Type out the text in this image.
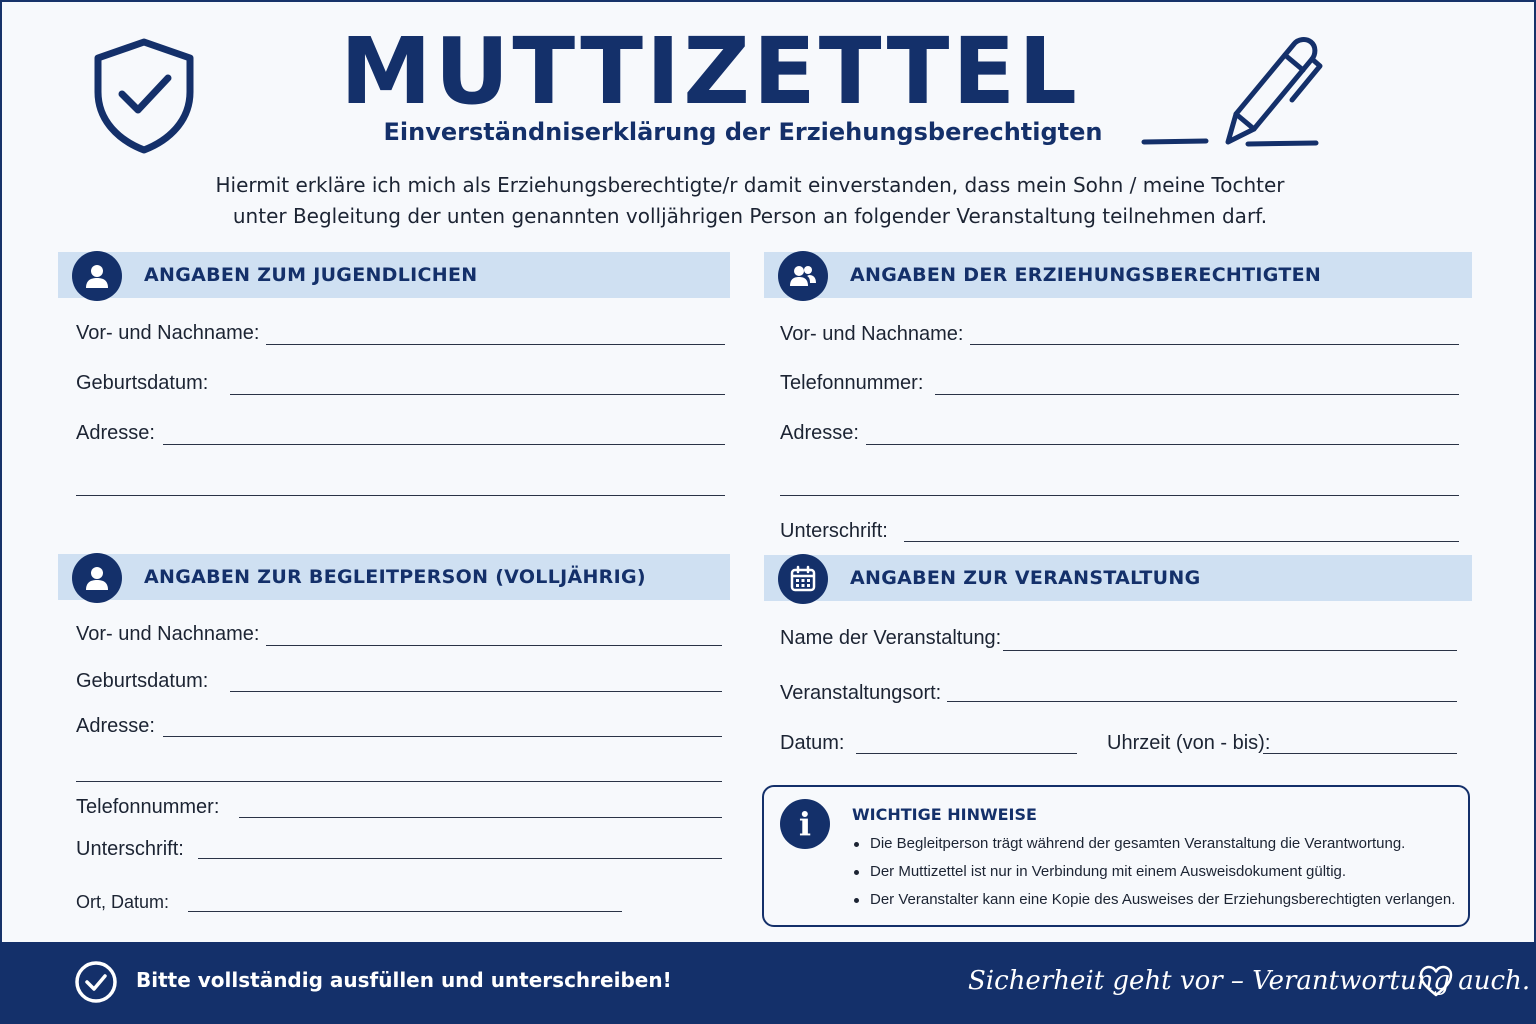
MUTTIZETTEL
Einverständniserklärung der Erziehungsberechtigten
Hiermit erkläre ich mich als Erziehungsberechtigte/r damit einverstanden, dass mein Sohn / meine Tochter
unter Begleitung der unten genannten volljährigen Person an folgender Veranstaltung teilnehmen darf.
ANGABEN ZUM JUGENDLICHEN
Vor- und Nachname:
Geburtsdatum:
Adresse:
ANGABEN DER ERZIEHUNGSBERECHTIGTEN
Vor- und Nachname:
Telefonnummer:
Adresse:
Unterschrift:
ANGABEN ZUR BEGLEITPERSON (VOLLJÄHRIG)
Vor- und Nachname:
Geburtsdatum:
Adresse:
Telefonnummer:
Unterschrift:
Ort, Datum:
ANGABEN ZUR VERANSTALTUNG
Name der Veranstaltung:
Veranstaltungsort:
Datum:	Uhrzeit (von - bis):
i	WICHTIGE HINWEISE
Die Begleitperson trägt während der gesamten Veranstaltung die Verantwortung.
Der Muttizettel ist nur in Verbindung mit einem Ausweisdokument gültig.
Der Veranstalter kann eine Kopie des Ausweises der Erziehungsberechtigten verlangen.
Bitte vollständig ausfüllen und unterschreiben!	Sicherheit geht vor – Verantwortung auch.
